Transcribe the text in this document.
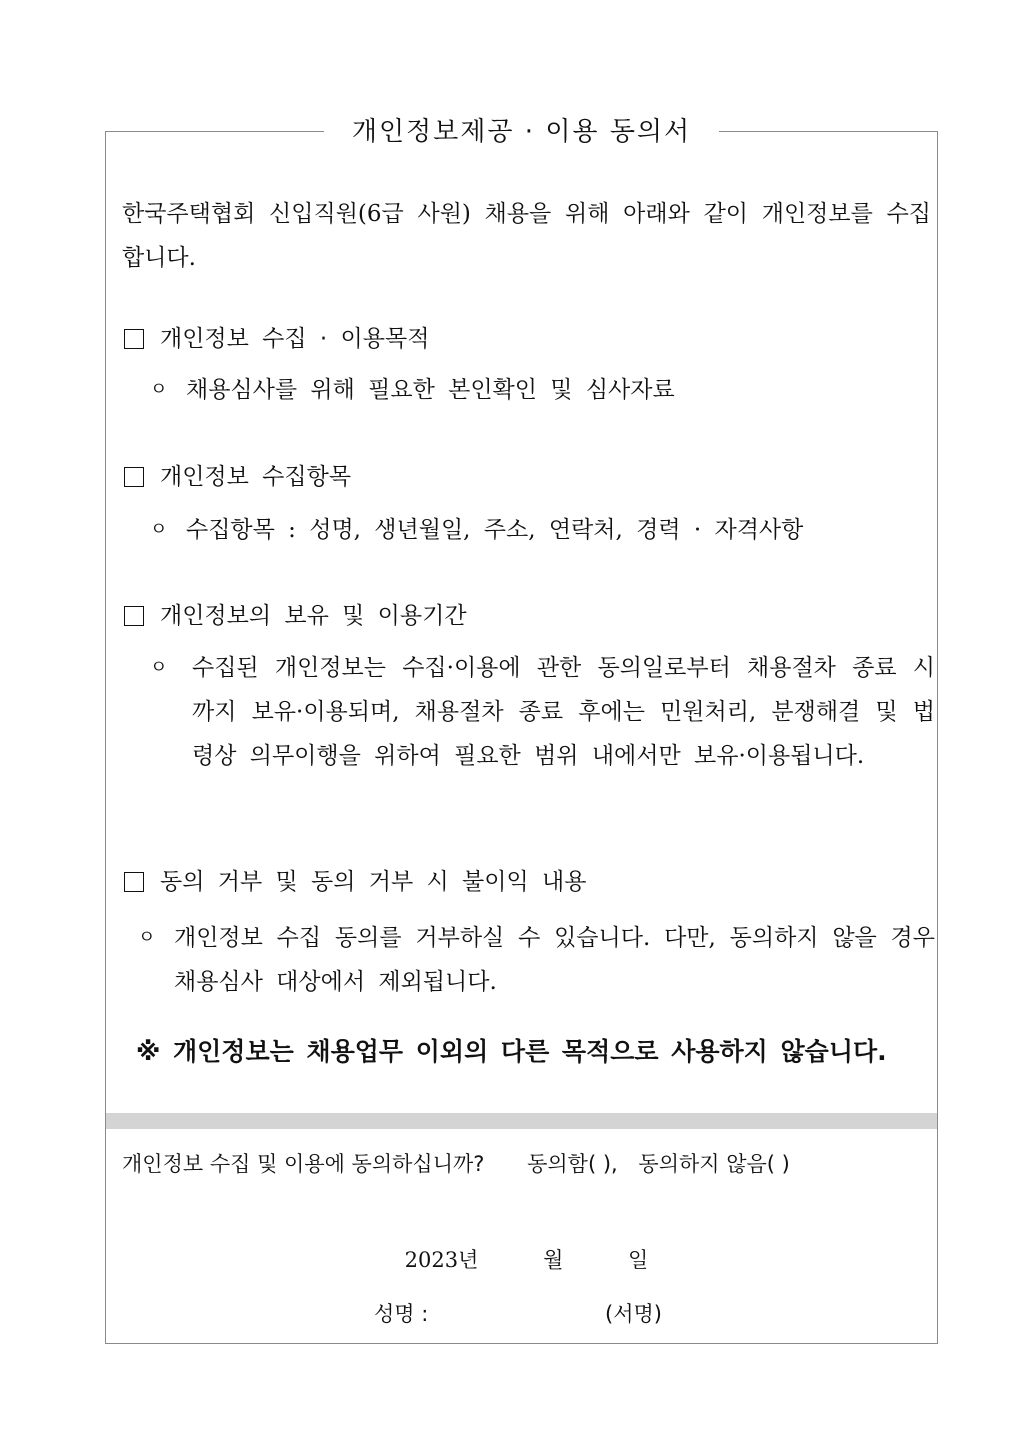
개인정보제공 · 이용 동의서
한국주택협회 신입직원(6급 사원) 채용을 위해 아래와 같이 개인정보를 수집합니다.
개인정보 수집 · 이용목적
ㅇ 채용심사를 위해 필요한 본인확인 및 심사자료
개인정보 수집항목
ㅇ 수집항목 : 성명, 생년월일, 주소, 연락처, 경력 · 자격사항
개인정보의 보유 및 이용기간
ㅇ	수집된 개인정보는 수집·이용에 관한 동의일로부터 채용절차 종료 시까지 보유·이용되며, 채용절차 종료 후에는 민원처리, 분쟁해결 및 법령상 의무이행을 위하여 필요한 범위 내에서만 보유·이용됩니다.
동의 거부 및 동의 거부 시 불이익 내용
ㅇ 개인정보 수집 동의를 거부하실 수 있습니다. 다만, 동의하지 않을 경우 채용심사 대상에서 제외됩니다.
※ 개인정보는 채용업무 이외의 다른 목적으로 사용하지 않습니다.
개인정보 수집 및 이용에 동의하십니까? 동의함( ), 동의하지 않음( )
2023년	월	일
성명 :	(서명)
